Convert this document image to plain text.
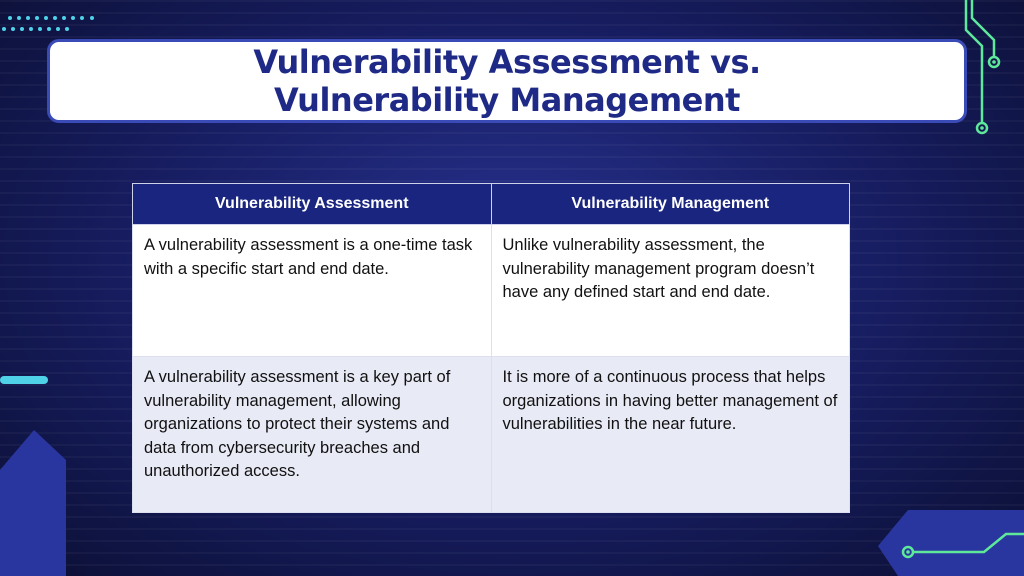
Vulnerability Assessment vs. Vulnerability Management
Vulnerability Assessment	Vulnerability Management
A vulnerability assessment is a one-time task with a specific start and end date.	Unlike vulnerability assessment, the vulnerability management program doesn’t have any defined start and end date.
A vulnerability assessment is a key part of vulnerability management, allowing organizations to protect their systems and data from cybersecurity breaches and unauthorized access.	It is more of a continuous process that helps organizations in having better management of vulnerabilities in the near future.
